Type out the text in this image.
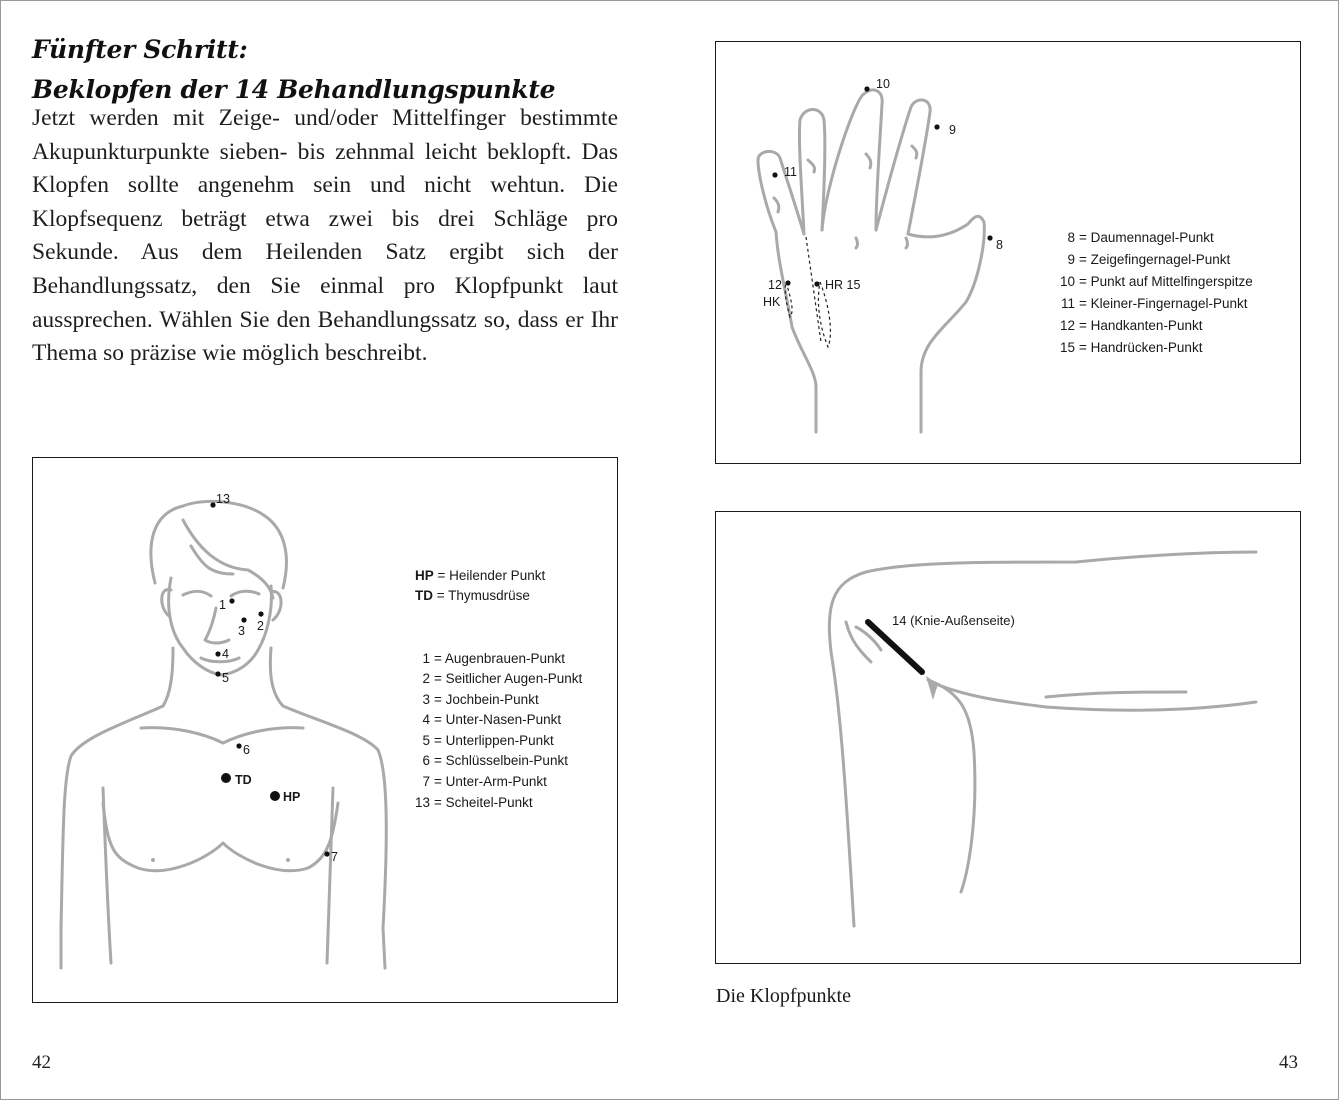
Fünfter Schritt:
Beklopfen der 14 Behandlungspunkte
Jetzt werden mit Zeige- und/oder Mittelfinger bestimmte Akupunkturpunkte sieben- bis zehnmal leicht beklopft. Das Klopfen sollte angenehm sein und nicht wehtun. Die Klopfsequenz beträgt etwa zwei bis drei Schläge pro Sekunde. Aus dem Heilenden Satz ergibt sich der Behandlungssatz, den Sie einmal pro Klopfpunkt laut aussprechen. Wählen Sie den Behandlungssatz so, dass er Ihr Thema so präzise wie möglich beschreibt.
13
1
2
3
4
5
6
7
TD
HP
HP = Heilender Punkt
TD = Thymusdrüse
1 = Augenbrauen-Punkt
2 = Seitlicher Augen-Punkt
3 = Jochbein-Punkt
4 = Unter-Nasen-Punkt
5 = Unterlippen-Punkt
6 = Schlüsselbein-Punkt
7 = Unter-Arm-Punkt
13 = Scheitel-Punkt
10
9
11
8
12
HK
HR 15
8 = Daumennagel-Punkt
9 = Zeigefingernagel-Punkt
10 = Punkt auf Mittelfingerspitze
11 = Kleiner-Fingernagel-Punkt
12 = Handkanten-Punkt
15 = Handrücken-Punkt
14 (Knie-Außenseite)
Die Klopfpunkte
42	43
